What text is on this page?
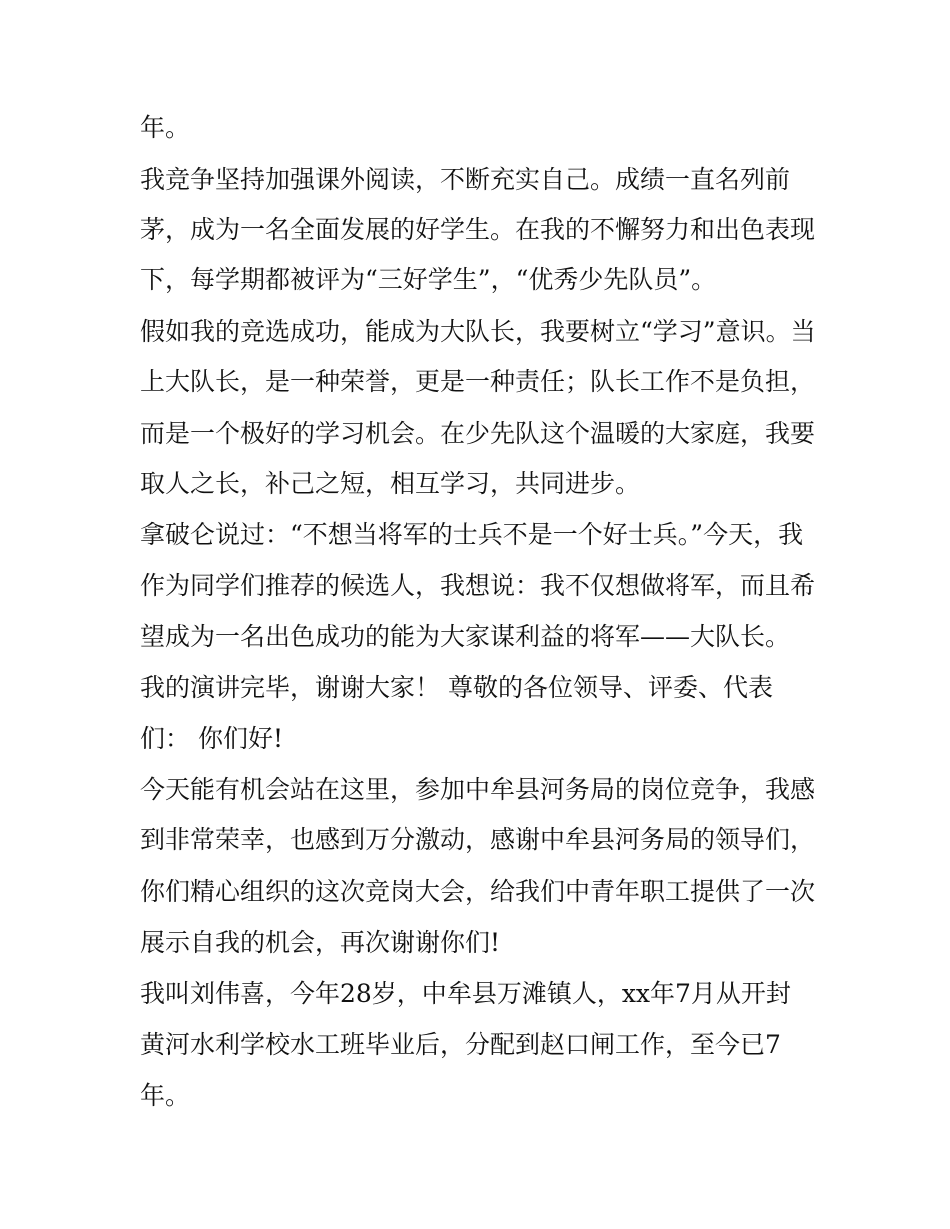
年。
我竞争坚持加强课外阅读，不断充实自己。成绩一直名列前
茅，成为一名全面发展的好学生。在我的不懈努力和出色表现
下，每学期都被评为“三好学生”，“优秀少先队员”。
假如我的竞选成功，能成为大队长，我要树立“学习”意识。当
上大队长，是一种荣誉，更是一种责任；队长工作不是负担，
而是一个极好的学习机会。在少先队这个温暖的大家庭，我要
取人之长，补己之短，相互学习，共同进步。
拿破仑说过：“不想当将军的士兵不是一个好士兵。”今天，我
作为同学们推荐的候选人，我想说：我不仅想做将军，而且希
望成为一名出色成功的能为大家谋利益的将军——大队长。
我的演讲完毕，谢谢大家！ 尊敬的各位领导、评委、代表
们： 你们好!
今天能有机会站在这里，参加中牟县河务局的岗位竞争，我感
到非常荣幸，也感到万分激动，感谢中牟县河务局的领导们，
你们精心组织的这次竞岗大会，给我们中青年职工提供了一次
展示自我的机会，再次谢谢你们!
我叫刘伟喜，今年28岁，中牟县万滩镇人，xx年7月从开封
黄河水利学校水工班毕业后，分配到赵口闸工作，至今已7
年。
